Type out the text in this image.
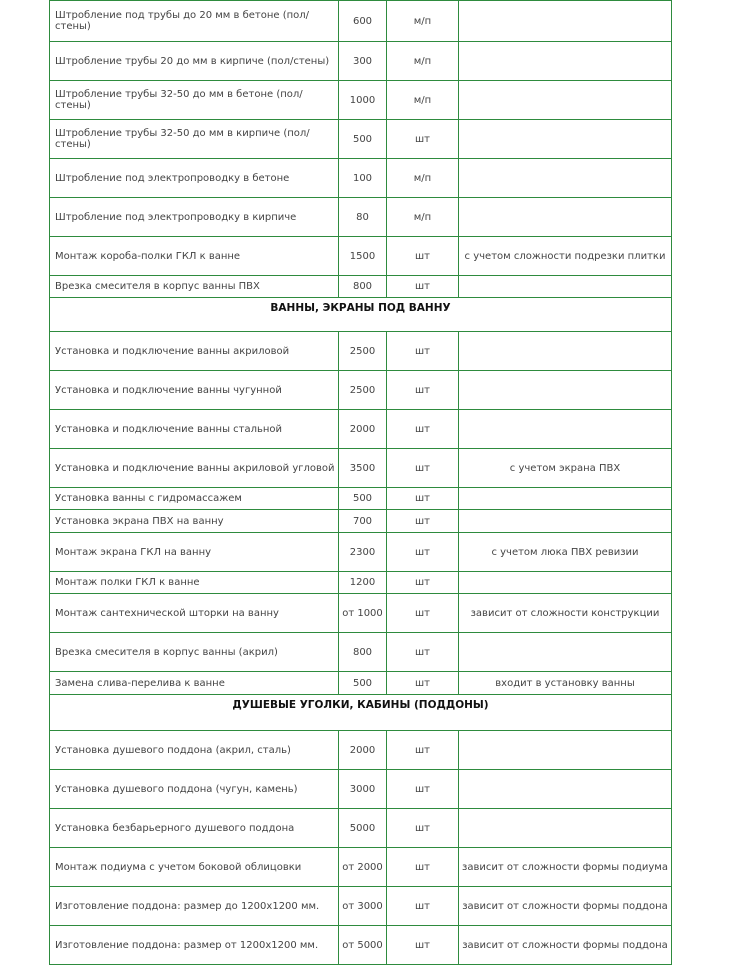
Штробление под трубы до 20 мм в бетоне (пол/стены)	600	м/п	
Штробление трубы 20 до мм в кирпиче (пол/стены)	300	м/п	
Штробление трубы 32-50 до мм в бетоне (пол/стены)	1000	м/п	
Штробление трубы 32-50 до мм в кирпиче (пол/стены)	500	шт	
Штробление под электропроводку в бетоне	100	м/п	
Штробление под электропроводку в кирпиче	80	м/п	
Монтаж короба-полки ГКЛ к ванне	1500	шт	с учетом сложности подрезки плитки
Врезка смесителя в корпус ванны ПВХ	800	шт	
ВАННЫ, ЭКРАНЫ ПОД ВАННУ			
Установка и подключение ванны акриловой	2500	шт	
Установка и подключение ванны чугунной	2500	шт	
Установка и подключение ванны стальной	2000	шт	
Установка и подключение ванны акриловой угловой	3500	шт	с учетом экрана ПВХ
Установка ванны с гидромассажем	500	шт	
Установка экрана ПВХ на ванну	700	шт	
Монтаж экрана ГКЛ на ванну	2300	шт	с учетом люка ПВХ ревизии
Монтаж полки ГКЛ к ванне	1200	шт	
Монтаж сантехнической шторки на ванну	от 1000	шт	зависит от сложности конструкции
Врезка смесителя в корпус ванны (акрил)	800	шт	
Замена слива-перелива к ванне	500	шт	входит в установку ванны
ДУШЕВЫЕ УГОЛКИ, КАБИНЫ (ПОДДОНЫ)			
Установка душевого поддона (акрил, сталь)	2000	шт	
Установка душевого поддона (чугун, камень)	3000	шт	
Установка безбарьерного душевого поддона	5000	шт	
Монтаж подиума с учетом боковой облицовки	от 2000	шт	зависит от сложности формы подиума
Изготовление поддона: размер до 1200х1200 мм.	от 3000	шт	зависит от сложности формы поддона
Изготовление поддона: размер от 1200х1200 мм.	от 5000	шт	зависит от сложности формы поддона
